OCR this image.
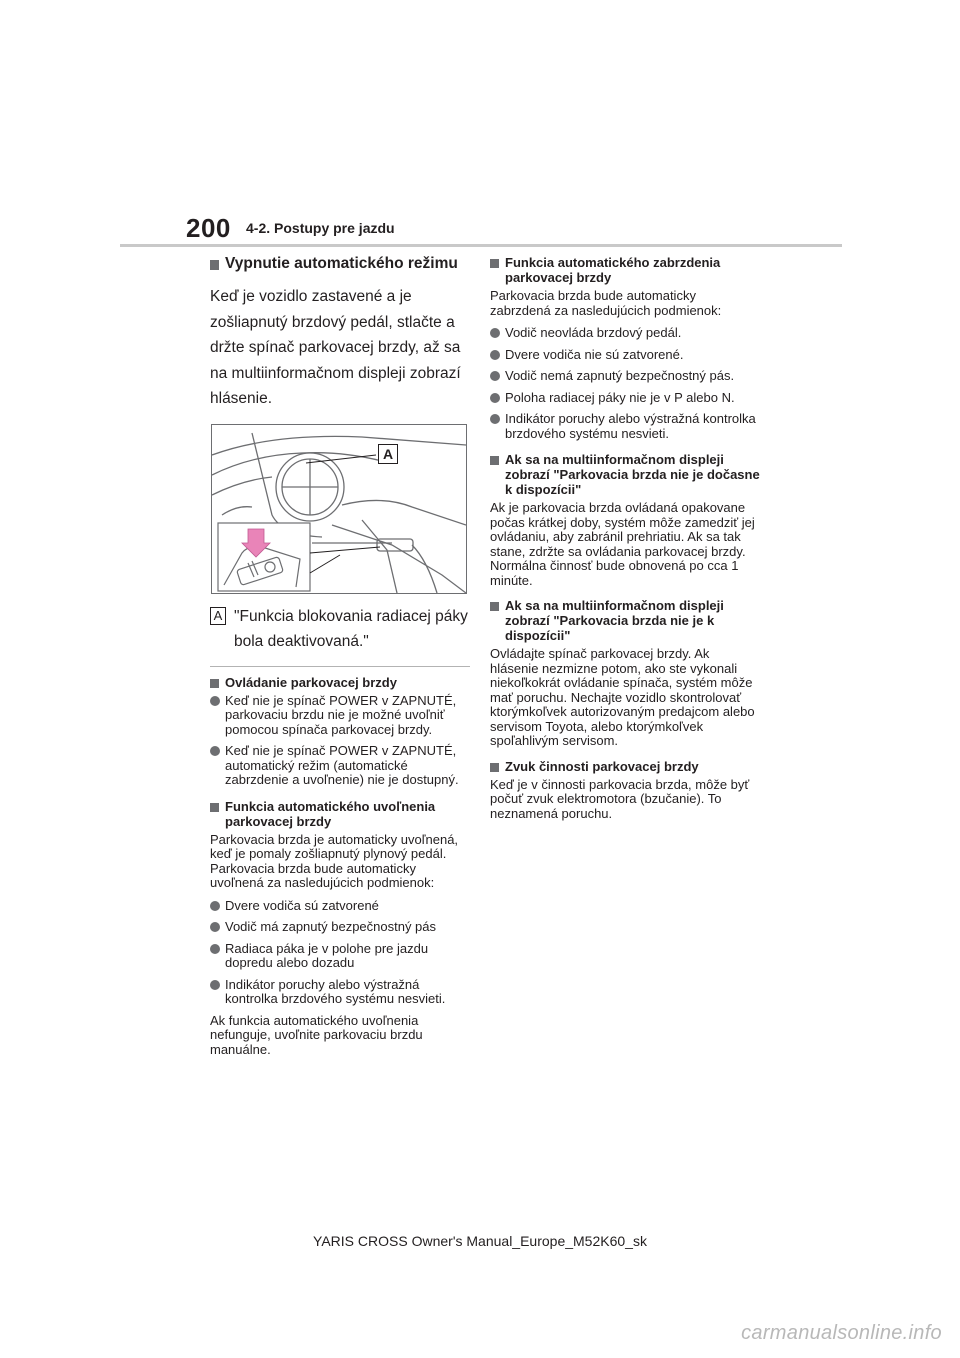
200 4-2. Postupy pre jazdu
Vypnutie automatického režimu

Keď je vozidlo zastavené a je zošliapnutý brzdový pedál, stlačte a držte spínač parkovacej brzdy, až sa na multiinformačnom displeji zobrazí hlásenie.

A
A "Funkcia blokovania radiacej páky bola deaktivovaná."
Ovládanie parkovacej brzdy
Keď nie je spínač POWER v ZAPNUTÉ, parkovaciu brzdu nie je možné uvoľniť pomocou spínača parkovacej brzdy.
Keď nie je spínač POWER v ZAPNUTÉ, automatický režim (automatické zabrzdenie a uvoľnenie) nie je dostupný.
Funkcia automatického uvoľnenia parkovacej brzdy

Parkovacia brzda je automaticky uvoľnená, keď je pomaly zošliapnutý plynový pedál.

Parkovacia brzda bude automaticky uvoľnená za nasledujúcich podmienok:

Dvere vodiča sú zatvorené
Vodič má zapnutý bezpečnostný pás
Radiaca páka je v polohe pre jazdu dopredu alebo dozadu
Indikátor poruchy alebo výstražná kontrolka brzdového systému nesvieti.

Ak funkcia automatického uvoľnenia nefunguje, uvoľnite parkovaciu brzdu manuálne.

Funkcia automatického zabrzdenia parkovacej brzdy

Parkovacia brzda bude automaticky zabrzdená za nasledujúcich podmienok:

Vodič neovláda brzdový pedál.
Dvere vodiča nie sú zatvorené.
Vodič nemá zapnutý bezpečnostný pás.
Poloha radiacej páky nie je v P alebo N.
Indikátor poruchy alebo výstražná kontrolka brzdového systému nesvieti.
Ak sa na multiinformačnom displeji zobrazí "Parkovacia brzda nie je dočasne k dispozícii"

Ak je parkovacia brzda ovládaná opakovane počas krátkej doby, systém môže zamedziť jej ovládaniu, aby zabránil prehriatiu. Ak sa tak stane, zdržte sa ovládania parkovacej brzdy. Normálna činnosť bude obnovená po cca 1 minúte.

Ak sa na multiinformačnom displeji zobrazí "Parkovacia brzda nie je k dispozícii"

Ovládajte spínač parkovacej brzdy. Ak hlásenie nezmizne potom, ako ste vykonali niekoľkokrát ovládanie spínača, systém môže mať poruchu. Nechajte vozidlo skontrolovať ktorýmkoľvek autorizovaným predajcom alebo servisom Toyota, alebo ktorýmkoľvek spoľahlivým servisom.

Zvuk činnosti parkovacej brzdy

Keď je v činnosti parkovacia brzda, môže byť počuť zvuk elektromotora (bzučanie). To neznamená poruchu.

YARIS CROSS Owner's Manual_Europe_M52K60_sk
carmanualsonline.info
